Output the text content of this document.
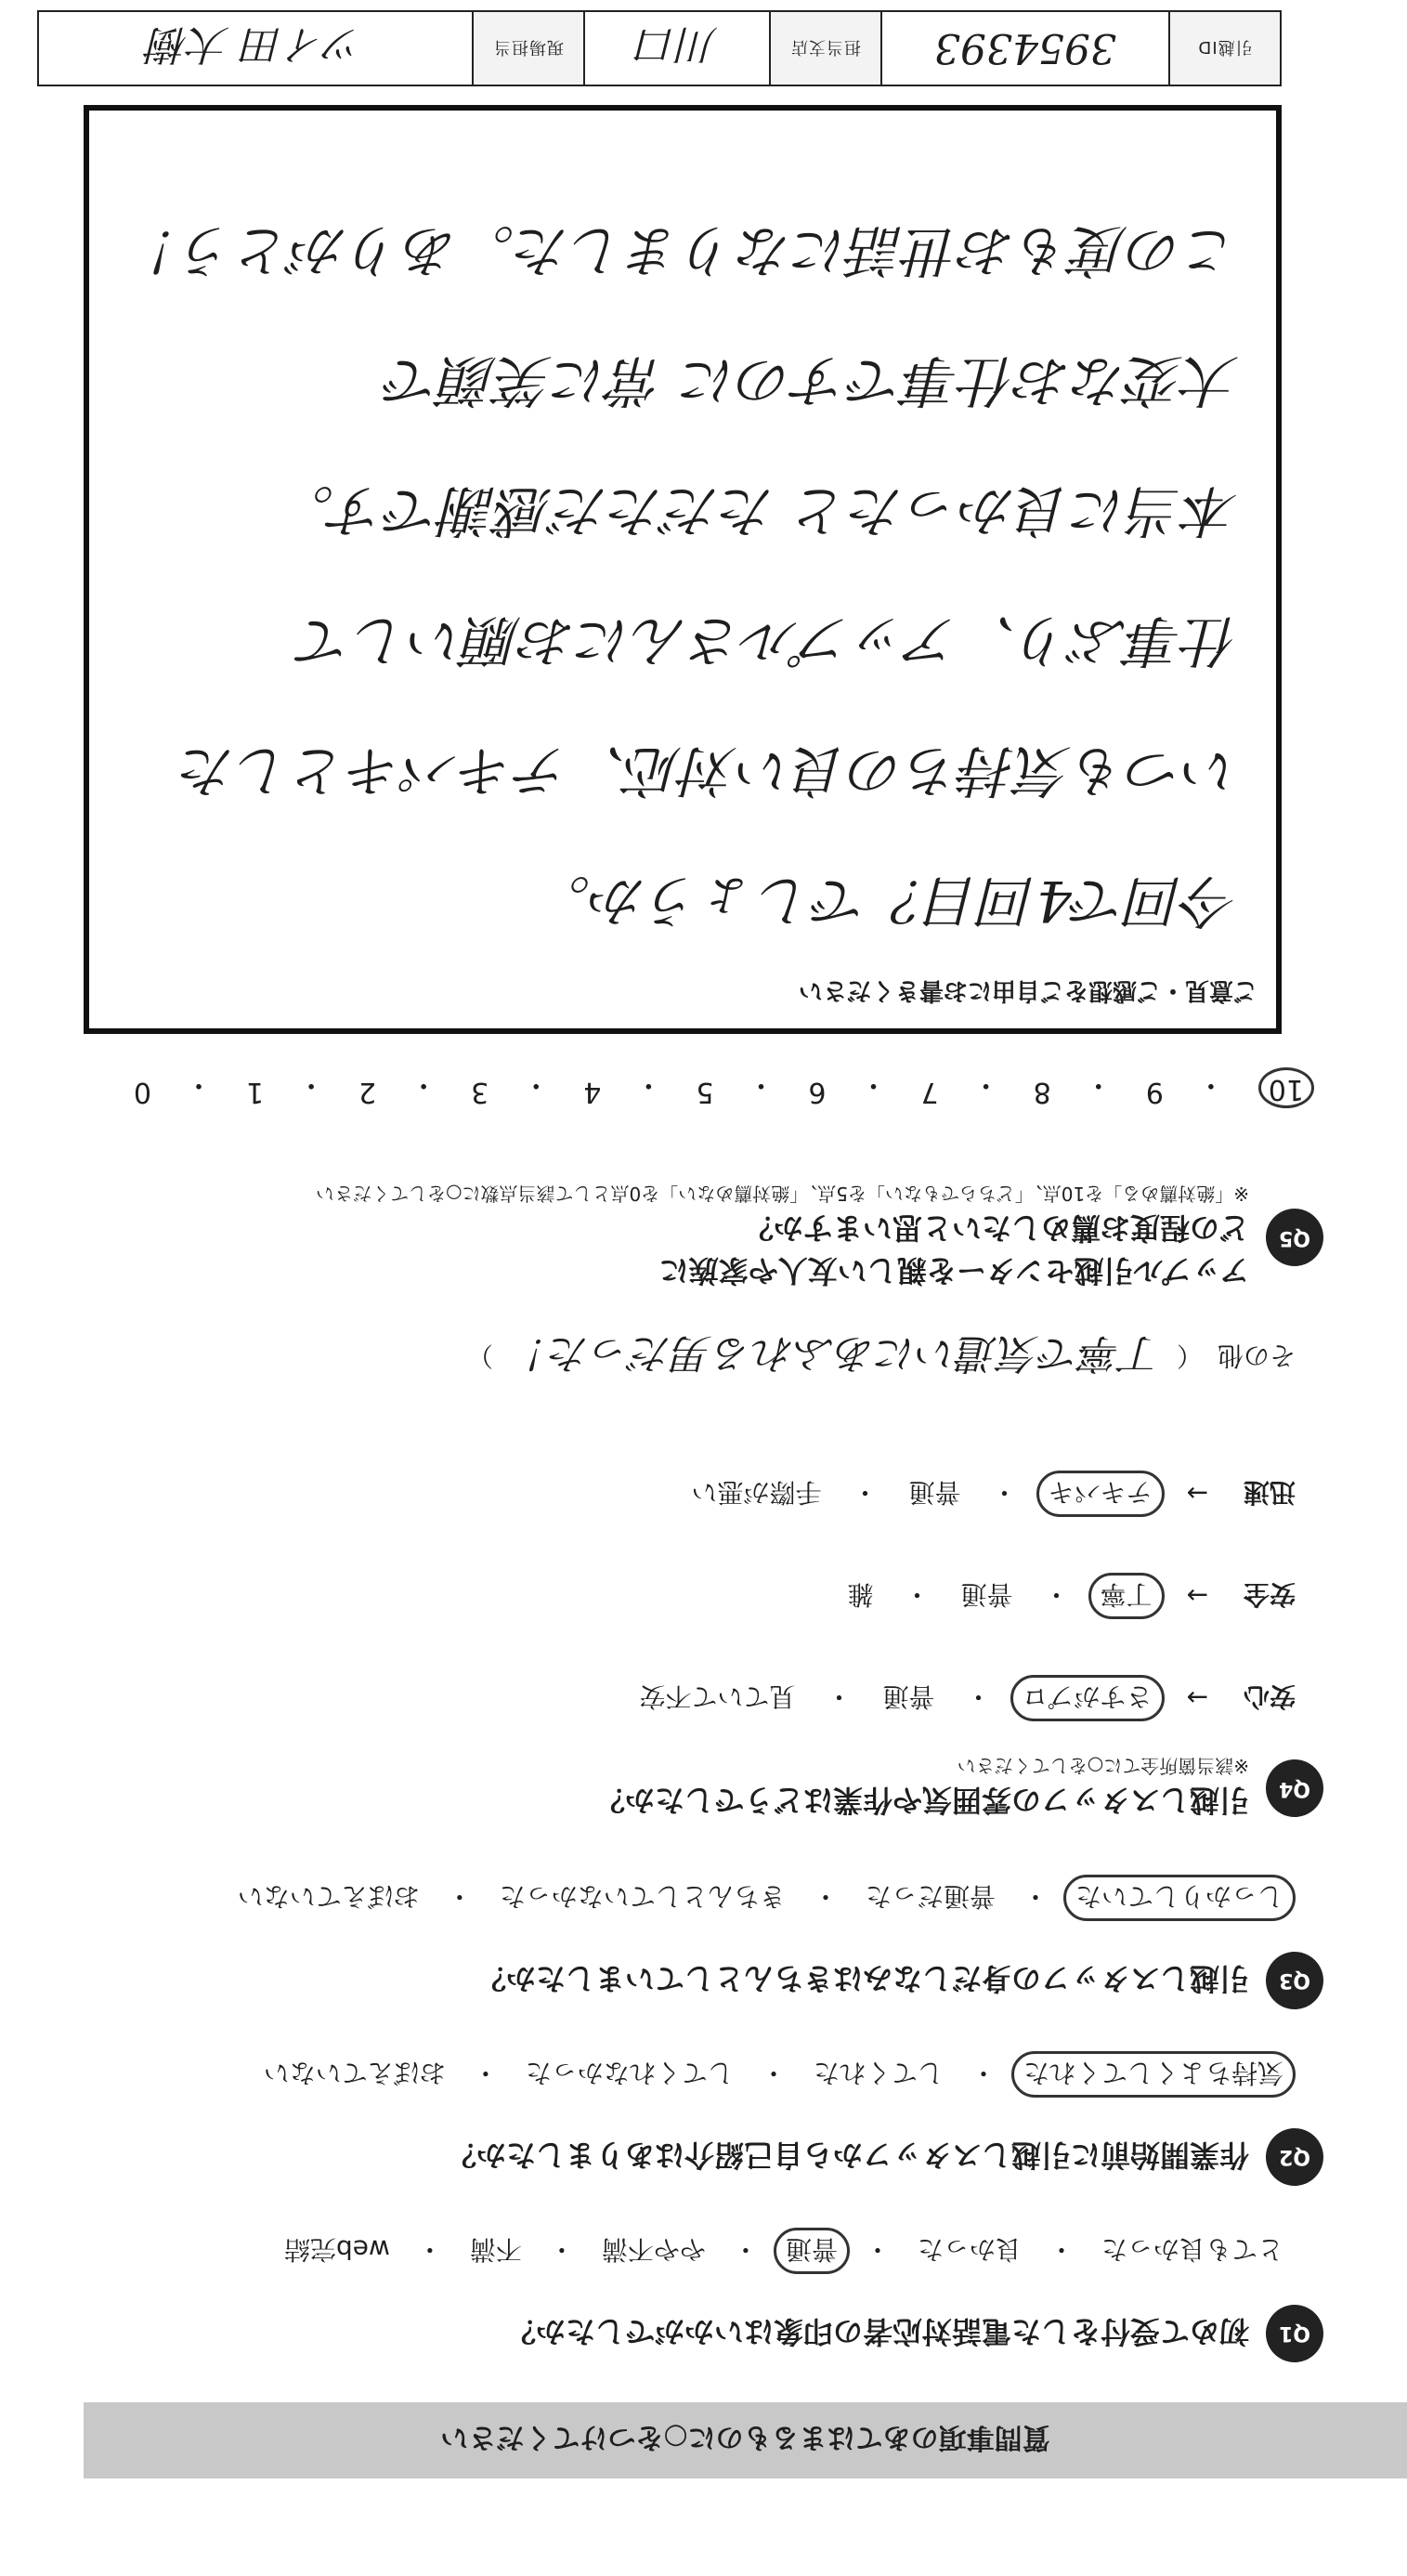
引越ID
3954393
担当支店
川口
現場担当
ツイ田 大樹
質問事項のあてはまるものに○をつけてください
Q1
初めて受付をした電話対応者の印象はいかがでしたか？
とても良かった
・
良かった
・
普通
・
やや不満
・
不満
・
web完結
Q2
作業開始前に引越しスタッフから自己紹介はありましたか？
気持ちよくしてくれた
・
してくれた
・
してくれなかった
・
おぼえていない
Q3
引越しスタッフの身だしなみはきちんとしていましたか？
しっかりしていた
・
普通だった
・
きちんとしていなかった
・
おぼえていない
Q4
引越しスタッフの雰囲気や作業はどうでしたか？
※該当箇所全てに○をしてください
安心
→
さすがプロ
・
普通
・
見ていて不安
安全
→
丁寧
・
普通
・
雑
迅速
→
テキパキ
・
普通
・
手際が悪い
その他
（
丁寧で気遣いにあふれる男だった！
）
Q5
アップル引越センターを親しい友人や家族に
どの程度お薦めしたいと思いますか？
※「絶対薦める」を10点、「どちらでもない」を5点、「絶対薦めない」を0点として該当点数に○をしてください
10
・
9
・
8
・
7
・
6
・
5
・
4
・
3
・
2
・
1
・
0
ご意見・ご感想をご自由にお書きください
今回で4回目？でしょうか。
いつも気持ちの良い対応、テキパキとした
仕事ぶり、アップルさんにお願いして
本当に良かったと ただただ感謝です。
大変なお仕事ですのに 常に笑顔で
この度もお世話になりました。ありがとう！
